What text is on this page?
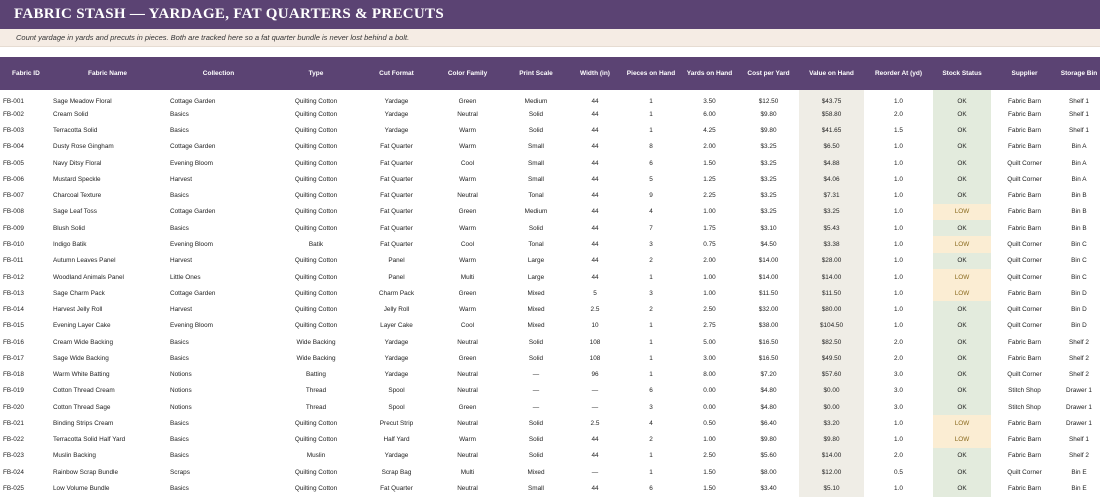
FABRIC STASH — YARDAGE, FAT QUARTERS & PRECUTS
Count yardage in yards and precuts in pieces. Both are tracked here so a fat quarter bundle is never lost behind a bolt.
Fabric ID	Fabric Name	Collection	Type	Cut Format	Color Family	Print Scale	Width (in)	Pieces on Hand	Yards on Hand	Cost per Yard	Value on Hand	Reorder At (yd)	Stock Status	Supplier	Storage Bin
FB-001	Sage Meadow Floral	Cottage Garden	Quilting Cotton	Yardage	Green	Medium	44	1	3.50	$12.50	$43.75	1.0	OK	Fabric Barn	Shelf 1
FB-002	Cream Solid	Basics	Quilting Cotton	Yardage	Neutral	Solid	44	1	6.00	$9.80	$58.80	2.0	OK	Fabric Barn	Shelf 1
FB-003	Terracotta Solid	Basics	Quilting Cotton	Yardage	Warm	Solid	44	1	4.25	$9.80	$41.65	1.5	OK	Fabric Barn	Shelf 1
FB-004	Dusty Rose Gingham	Cottage Garden	Quilting Cotton	Fat Quarter	Warm	Small	44	8	2.00	$3.25	$6.50	1.0	OK	Fabric Barn	Bin A
FB-005	Navy Ditsy Floral	Evening Bloom	Quilting Cotton	Fat Quarter	Cool	Small	44	6	1.50	$3.25	$4.88	1.0	OK	Quilt Corner	Bin A
FB-006	Mustard Speckle	Harvest	Quilting Cotton	Fat Quarter	Warm	Small	44	5	1.25	$3.25	$4.06	1.0	OK	Quilt Corner	Bin A
FB-007	Charcoal Texture	Basics	Quilting Cotton	Fat Quarter	Neutral	Tonal	44	9	2.25	$3.25	$7.31	1.0	OK	Fabric Barn	Bin B
FB-008	Sage Leaf Toss	Cottage Garden	Quilting Cotton	Fat Quarter	Green	Medium	44	4	1.00	$3.25	$3.25	1.0	LOW	Fabric Barn	Bin B
FB-009	Blush Solid	Basics	Quilting Cotton	Fat Quarter	Warm	Solid	44	7	1.75	$3.10	$5.43	1.0	OK	Fabric Barn	Bin B
FB-010	Indigo Batik	Evening Bloom	Batik	Fat Quarter	Cool	Tonal	44	3	0.75	$4.50	$3.38	1.0	LOW	Quilt Corner	Bin C
FB-011	Autumn Leaves Panel	Harvest	Quilting Cotton	Panel	Warm	Large	44	2	2.00	$14.00	$28.00	1.0	OK	Quilt Corner	Bin C
FB-012	Woodland Animals Panel	Little Ones	Quilting Cotton	Panel	Multi	Large	44	1	1.00	$14.00	$14.00	1.0	LOW	Quilt Corner	Bin C
FB-013	Sage Charm Pack	Cottage Garden	Quilting Cotton	Charm Pack	Green	Mixed	5	3	1.00	$11.50	$11.50	1.0	LOW	Fabric Barn	Bin D
FB-014	Harvest Jelly Roll	Harvest	Quilting Cotton	Jelly Roll	Warm	Mixed	2.5	2	2.50	$32.00	$80.00	1.0	OK	Quilt Corner	Bin D
FB-015	Evening Layer Cake	Evening Bloom	Quilting Cotton	Layer Cake	Cool	Mixed	10	1	2.75	$38.00	$104.50	1.0	OK	Quilt Corner	Bin D
FB-016	Cream Wide Backing	Basics	Wide Backing	Yardage	Neutral	Solid	108	1	5.00	$16.50	$82.50	2.0	OK	Fabric Barn	Shelf 2
FB-017	Sage Wide Backing	Basics	Wide Backing	Yardage	Green	Solid	108	1	3.00	$16.50	$49.50	2.0	OK	Fabric Barn	Shelf 2
FB-018	Warm White Batting	Notions	Batting	Yardage	Neutral	—	96	1	8.00	$7.20	$57.60	3.0	OK	Quilt Corner	Shelf 2
FB-019	Cotton Thread Cream	Notions	Thread	Spool	Neutral	—	—	6	0.00	$4.80	$0.00	3.0	OK	Stitch Shop	Drawer 1
FB-020	Cotton Thread Sage	Notions	Thread	Spool	Green	—	—	3	0.00	$4.80	$0.00	3.0	OK	Stitch Shop	Drawer 1
FB-021	Binding Strips Cream	Basics	Quilting Cotton	Precut Strip	Neutral	Solid	2.5	4	0.50	$6.40	$3.20	1.0	LOW	Fabric Barn	Drawer 1
FB-022	Terracotta Solid Half Yard	Basics	Quilting Cotton	Half Yard	Warm	Solid	44	2	1.00	$9.80	$9.80	1.0	LOW	Fabric Barn	Shelf 1
FB-023	Muslin Backing	Basics	Muslin	Yardage	Neutral	Solid	44	1	2.50	$5.60	$14.00	2.0	OK	Fabric Barn	Shelf 2
FB-024	Rainbow Scrap Bundle	Scraps	Quilting Cotton	Scrap Bag	Multi	Mixed	—	1	1.50	$8.00	$12.00	0.5	OK	Quilt Corner	Bin E
FB-025	Low Volume Bundle	Basics	Quilting Cotton	Fat Quarter	Neutral	Small	44	6	1.50	$3.40	$5.10	1.0	OK	Fabric Barn	Bin E
